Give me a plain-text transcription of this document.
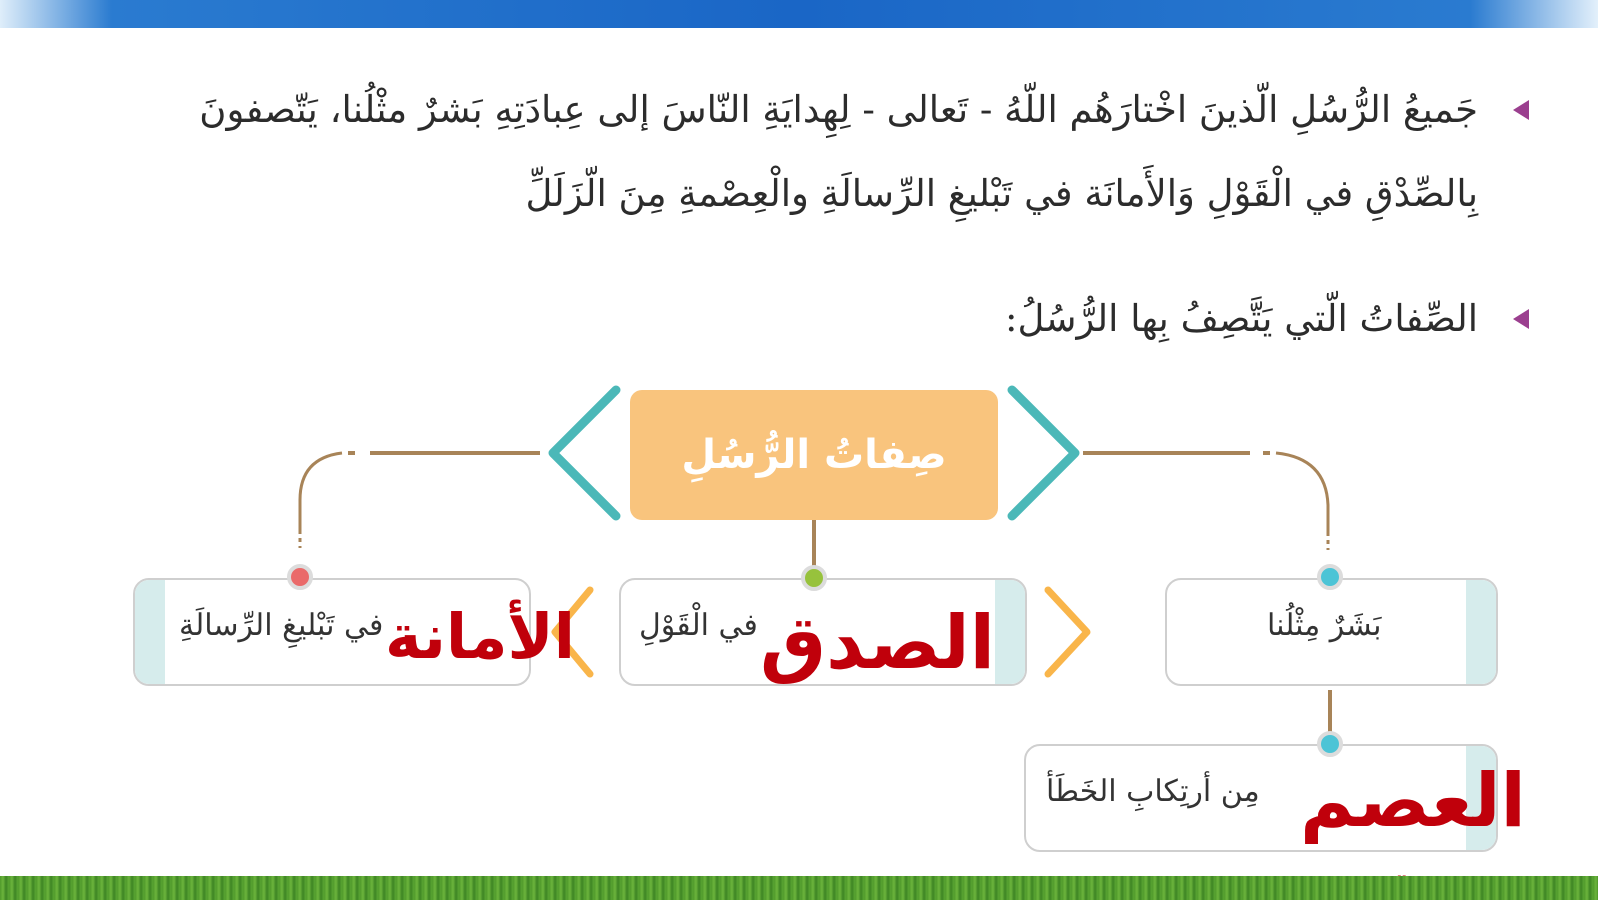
جَميعُ الرُّسُلِ الّذينَ اخْتارَهُم اللّهُ - تَعالى - لِهِدايَةِ النّاسَ إلى عِبادَتِهِ بَشرٌ مثْلُنا، يَتّصفونَ
بِالصِّدْقِ في الْقَوْلِ وَالأَمانَة في تَبْليغِ الرِّسالَةِ والْعِصْمةِ مِنَ الّزَلَلِّ
الصِّفاتُ الّتي يَتَّصِفُ بِها الرُّسُلُ:
صِفاتُ الرُّسُلِ
في تَبْليغِ الرِّسالَةِ	في الْقَوْلِ	بَشَرٌ مِثْلُنا
مِن أرتِكابِ الخَطَأ
الأمانة	الصدق
العصم
